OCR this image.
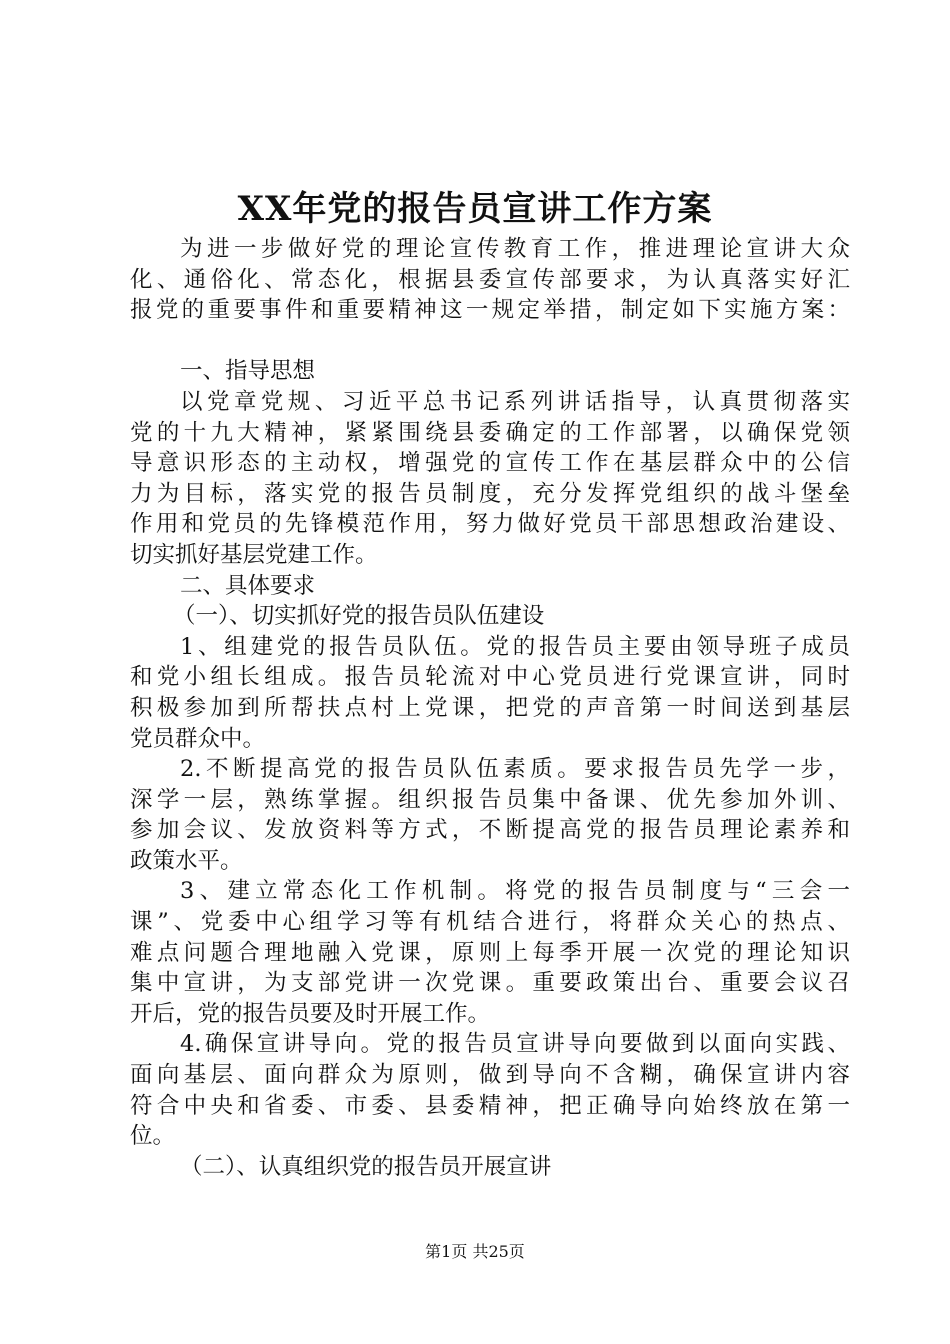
XX年党的报告员宣讲工作方案
为进一步做好党的理论宣传教育工作，推进理论宣讲大众
化、通俗化、常态化，根据县委宣传部要求，为认真落实好汇
报党的重要事件和重要精神这一规定举措，制定如下实施方案：
一、指导思想
以党章党规、习近平总书记系列讲话指导，认真贯彻落实
党的十九大精神，紧紧围绕县委确定的工作部署，以确保党领
导意识形态的主动权，增强党的宣传工作在基层群众中的公信
力为目标，落实党的报告员制度，充分发挥党组织的战斗堡垒
作用和党员的先锋模范作用，努力做好党员干部思想政治建设、
切实抓好基层党建工作。
二、具体要求
（一）、切实抓好党的报告员队伍建设
1、组建党的报告员队伍。党的报告员主要由领导班子成员
和党小组长组成。报告员轮流对中心党员进行党课宣讲，同时
积极参加到所帮扶点村上党课，把党的声音第一时间送到基层
党员群众中。
2.不断提高党的报告员队伍素质。要求报告员先学一步，
深学一层，熟练掌握。组织报告员集中备课、优先参加外训、
参加会议、发放资料等方式，不断提高党的报告员理论素养和
政策水平。
3、建立常态化工作机制。将党的报告员制度与“三会一
课”、党委中心组学习等有机结合进行，将群众关心的热点、
难点问题合理地融入党课，原则上每季开展一次党的理论知识
集中宣讲，为支部党讲一次党课。重要政策出台、重要会议召
开后，党的报告员要及时开展工作。
4.确保宣讲导向。党的报告员宣讲导向要做到以面向实践、
面向基层、面向群众为原则，做到导向不含糊，确保宣讲内容
符合中央和省委、市委、县委精神，把正确导向始终放在第一
位。
（二）、认真组织党的报告员开展宣讲
第1页 共25页
